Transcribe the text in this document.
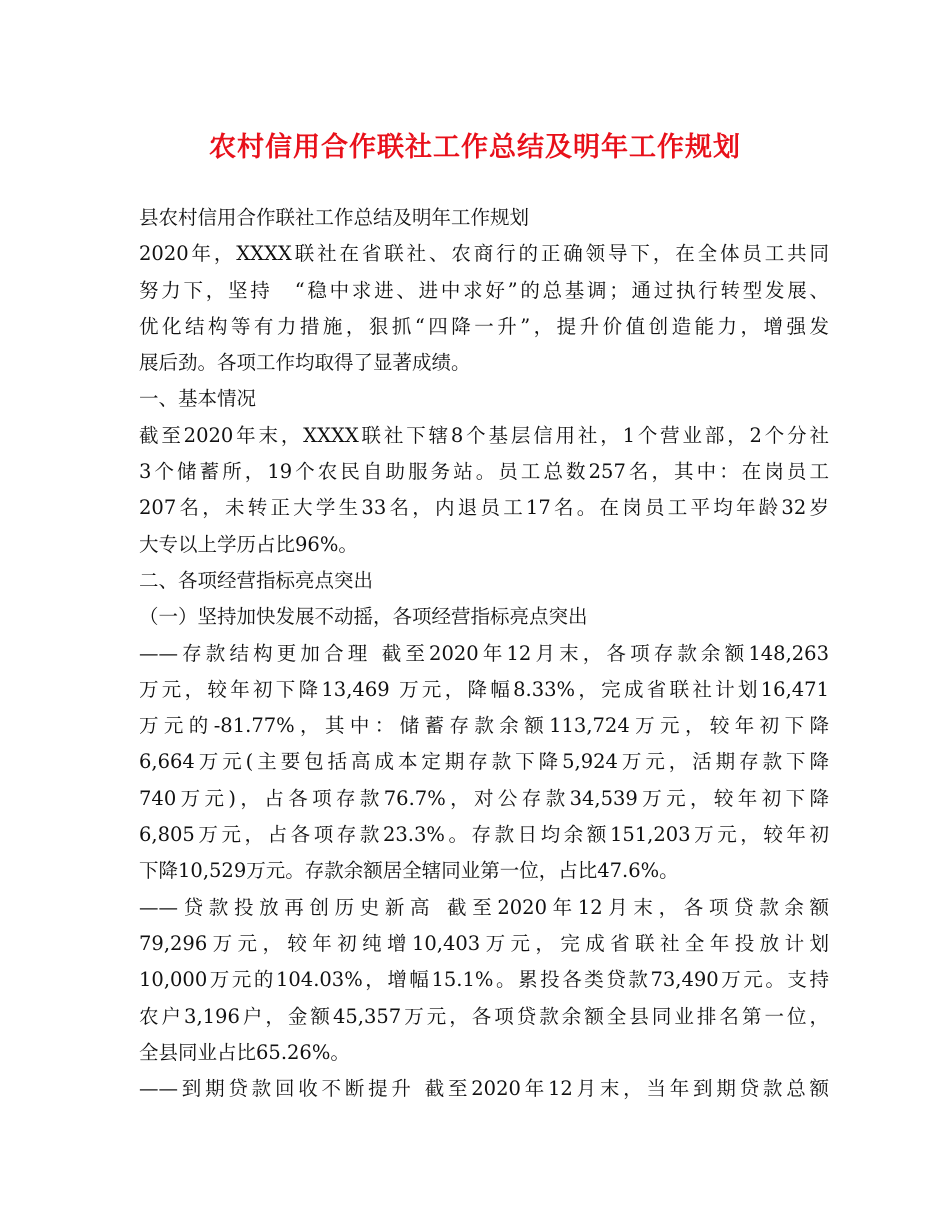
农村信用合作联社工作总结及明年工作规划
县农村信用合作联社工作总结及明年工作规划
2020年，XXXX联社在省联社、农商行的正确领导下，在全体员工共同
努力下，坚持　“稳中求进、进中求好”的总基调；通过执行转型发展、
优化结构等有力措施，狠抓“四降一升”，提升价值创造能力，增强发
展后劲。各项工作均取得了显著成绩。
一、基本情况
截至2020年末，XXXX联社下辖8个基层信用社，1个营业部，2个分社
3个储蓄所，19个农民自助服务站。员工总数257名，其中：在岗员工
207名，未转正大学生33名，内退员工17名。在岗员工平均年龄32岁
大专以上学历占比96%。
二、各项经营指标亮点突出
（一）坚持加快发展不动摇，各项经营指标亮点突出
——存款结构更加合理 截至2020年12月末，各项存款余额148,263
万元，较年初下降13,469 万元，降幅8.33%，完成省联社计划16,471
万元的-81.77%，其中：储蓄存款余额113,724万元，较年初下降
6,664万元(主要包括高成本定期存款下降5,924万元，活期存款下降
740万元)，占各项存款76.7%，对公存款34,539万元，较年初下降
6,805万元，占各项存款23.3%。存款日均余额151,203万元，较年初
下降10,529万元。存款余额居全辖同业第一位，占比47.6%。
——贷款投放再创历史新高 截至2020年12月末，各项贷款余额
79,296万元，较年初纯增10,403万元，完成省联社全年投放计划
10,000万元的104.03%，增幅15.1%。累投各类贷款73,490万元。支持
农户3,196户，金额45,357万元，各项贷款余额全县同业排名第一位，
全县同业占比65.26%。
——到期贷款回收不断提升 截至2020年12月末，当年到期贷款总额
